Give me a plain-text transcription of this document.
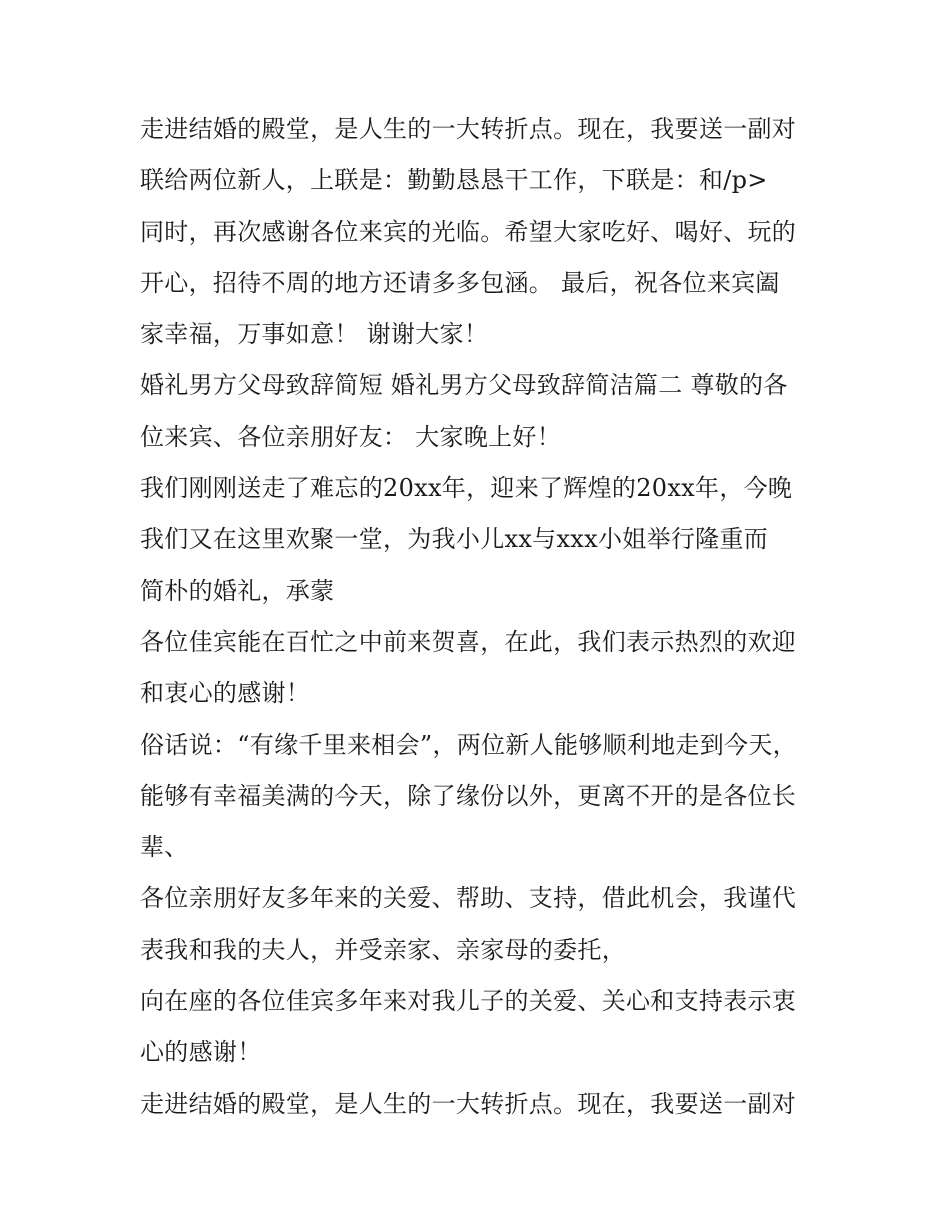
走进结婚的殿堂，是人生的一大转折点。现在，我要送一副对
联给两位新人，上联是：勤勤恳恳干工作，下联是：和/p>
同时，再次感谢各位来宾的光临。希望大家吃好、喝好、玩的
开心，招待不周的地方还请多多包涵。 最后，祝各位来宾阖
家幸福，万事如意！ 谢谢大家！
婚礼男方父母致辞简短 婚礼男方父母致辞简洁篇二 尊敬的各
位来宾、各位亲朋好友： 大家晚上好！
我们刚刚送走了难忘的20xx年，迎来了辉煌的20xx年，今晚
我们又在这里欢聚一堂，为我小儿xx与xxx小姐举行隆重而
简朴的婚礼，承蒙
各位佳宾能在百忙之中前来贺喜，在此，我们表示热烈的欢迎
和衷心的感谢！
俗话说：“有缘千里来相会”，两位新人能够顺利地走到今天，
能够有幸福美满的今天，除了缘份以外，更离不开的是各位长
辈、
各位亲朋好友多年来的关爱、帮助、支持，借此机会，我谨代
表我和我的夫人，并受亲家、亲家母的委托，
向在座的各位佳宾多年来对我儿子的关爱、关心和支持表示衷
心的感谢！
走进结婚的殿堂，是人生的一大转折点。现在，我要送一副对
